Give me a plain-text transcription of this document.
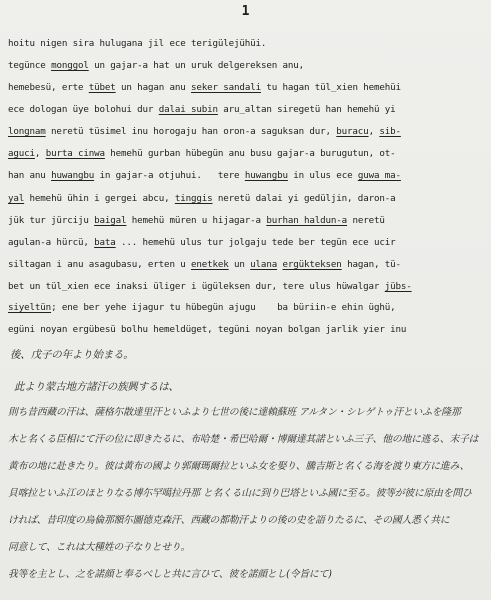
1
hoitu nigen sira hulugana jil ece terigülejühüi.
tegünce monggol un gajar-a hat un uruk delgereksen anu,
hemebesü, erte tübet un hagan anu seker sandali tu hagan tül_xien hemehüi
ece dologan üye bolohui dur dalai subin aru_altan siregetü han hemehü yi
longnam neretü tüsimel inu horogaju han oron-a saguksan dur, buracu, sib-
aguci, burta cinwa hemehü gurban hübegün anu busu gajar-a burugutun, ot-
han anu huwangbu in gajar-a otjuhui.   tere huwangbu in ulus ece guwa ma-
yal hemehü ühin i gergei abcu, tinggis neretü dalai yi gedüljin, daron-a
jük tur jürciju baigal hemehü müren u hijagar-a burhan haldun-a neretü
agulan-a hürcü, bata ... hemehü ulus tur jolgaju tede ber tegün ece ucir
siltagan i anu asagubasu, erten u enetkek un ulana ergükteksen hagan, tü-
bet un tül_xien ece inaksi üliger i ügüleksen dur, tere ulus hüwalgar jübs-
siyeltün; ene ber yehe ijagur tu hübegün ajugu    ba büriin-e ehin üghü,
egüni noyan ergübesü bolhu hemeldüget, tegüni noyan bolgan jarlik yier inu
後、戊子の年より始まる。
此より蒙古地方諸汗の族興するは、
則ち昔西藏の汗は、薩格尓散達里汗といふより七世の後に達賴蘇班 アルタン・シレゲトゥ汗といふを隆那
木と名くる臣相にて汗の位に即きたるに、布哈楚・希巴哈爾・博爾達其諾といふ三子、他の地に逃る、末子は
黄布の地に赴きたり。彼は黄布の國より郭爾瑪爾拉といふ女を娶り、騰吉斯と名くる海を渡り東方に進み、
貝喀拉といふ江のほとりなる博尓罕噶拉丹那 と名くる山に到り巴塔といふ國に至る。彼等が彼に原由を問ひ
ければ、昔印度の烏倫那額尓圖德克森汗、西藏の都勒汗よりの後の史を語りたるに、その國人悉く共に
同意して、これは大種姓の子なりとせり。
我等を主とし、之を諾顔と奉るべしと共に言ひて、彼を諾顔とし(令旨にて)
